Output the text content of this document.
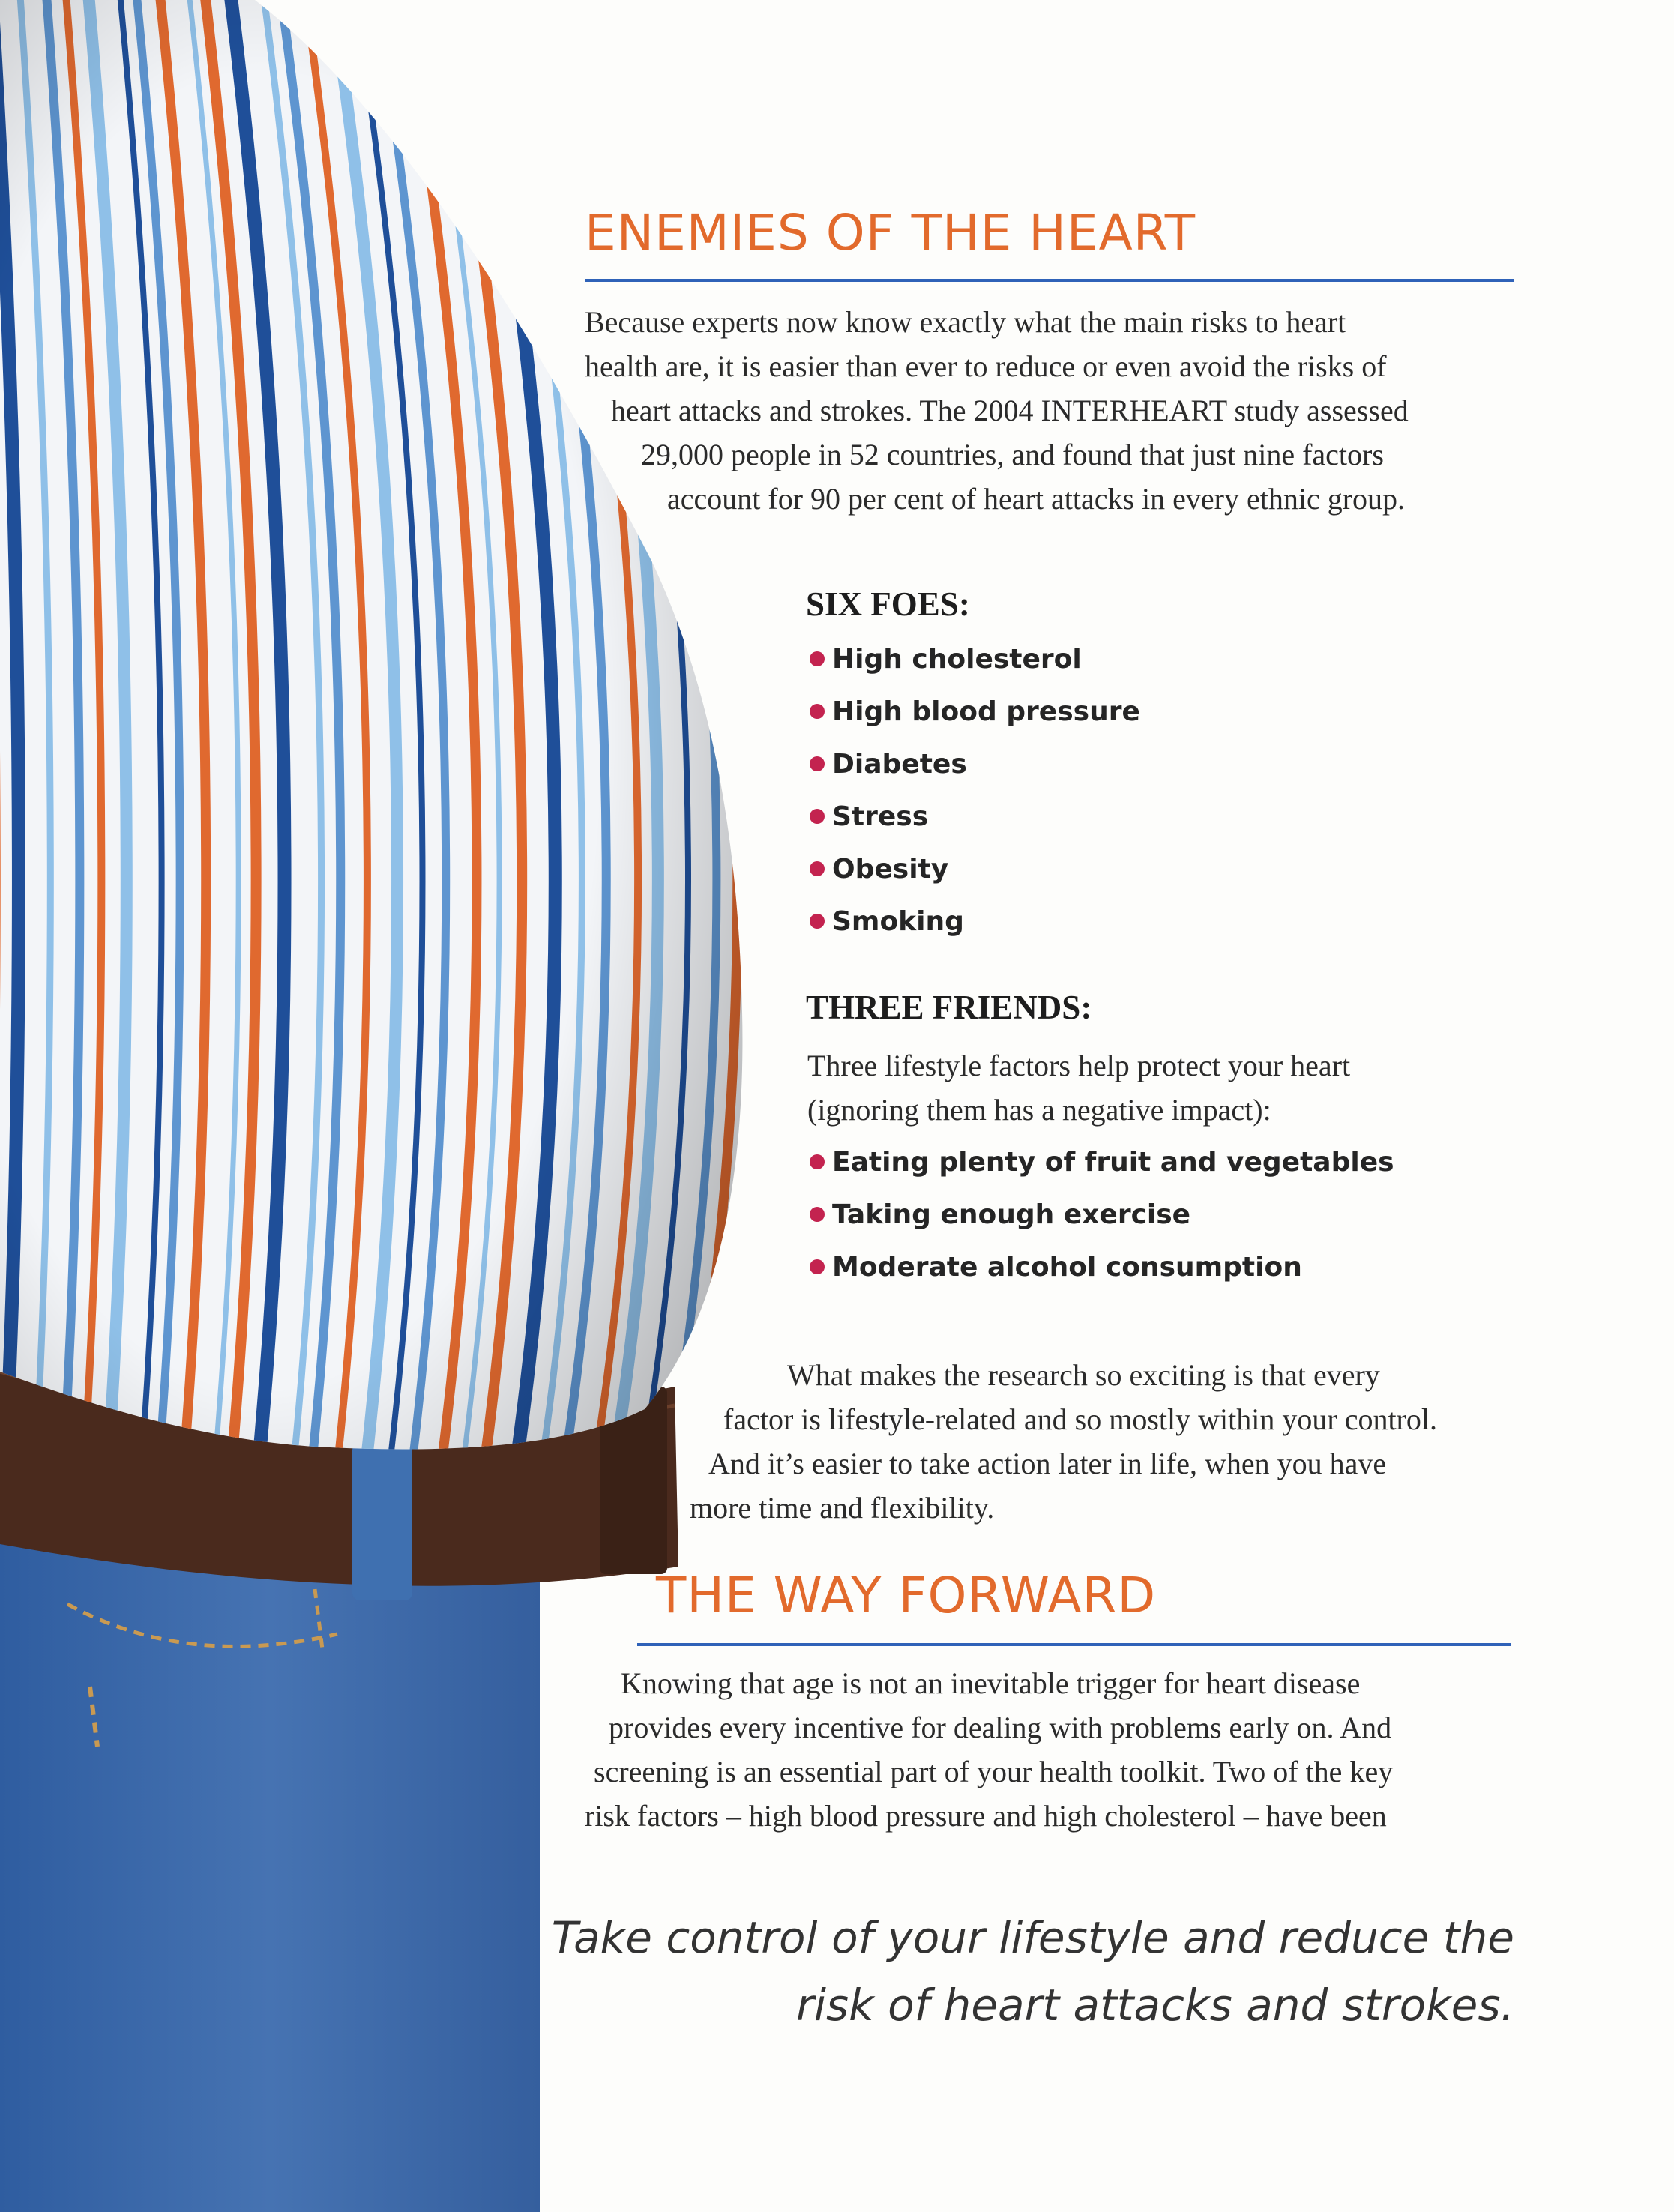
ENEMIES OF THE HEART

Because experts now know exactly what the main risks to heart
health are, it is easier than ever to reduce or even avoid the risks of
heart attacks and strokes. The 2004 INTERHEART study assessed
29,000 people in 52 countries, and found that just nine factors
account for 90 per cent of heart attacks in every ethnic group.

SIX FOES:
High cholesterol
High blood pressure
Diabetes
Stress
Obesity
Smoking
THREE FRIENDS:

Three lifestyle factors help protect your heart
(ignoring them has a negative impact):

Eating plenty of fruit and vegetables
Taking enough exercise
Moderate alcohol consumption

What makes the research so exciting is that every
factor is lifestyle-related and so mostly within your control.
And it’s easier to take action later in life, when you have
more time and flexibility.

THE WAY FORWARD

Knowing that age is not an inevitable trigger for heart disease
provides every incentive for dealing with problems early on. And
screening is an essential part of your health toolkit. Two of the key
risk factors – high blood pressure and high cholesterol – have been

Take control of your lifestyle and reduce the
risk of heart attacks and strokes.
